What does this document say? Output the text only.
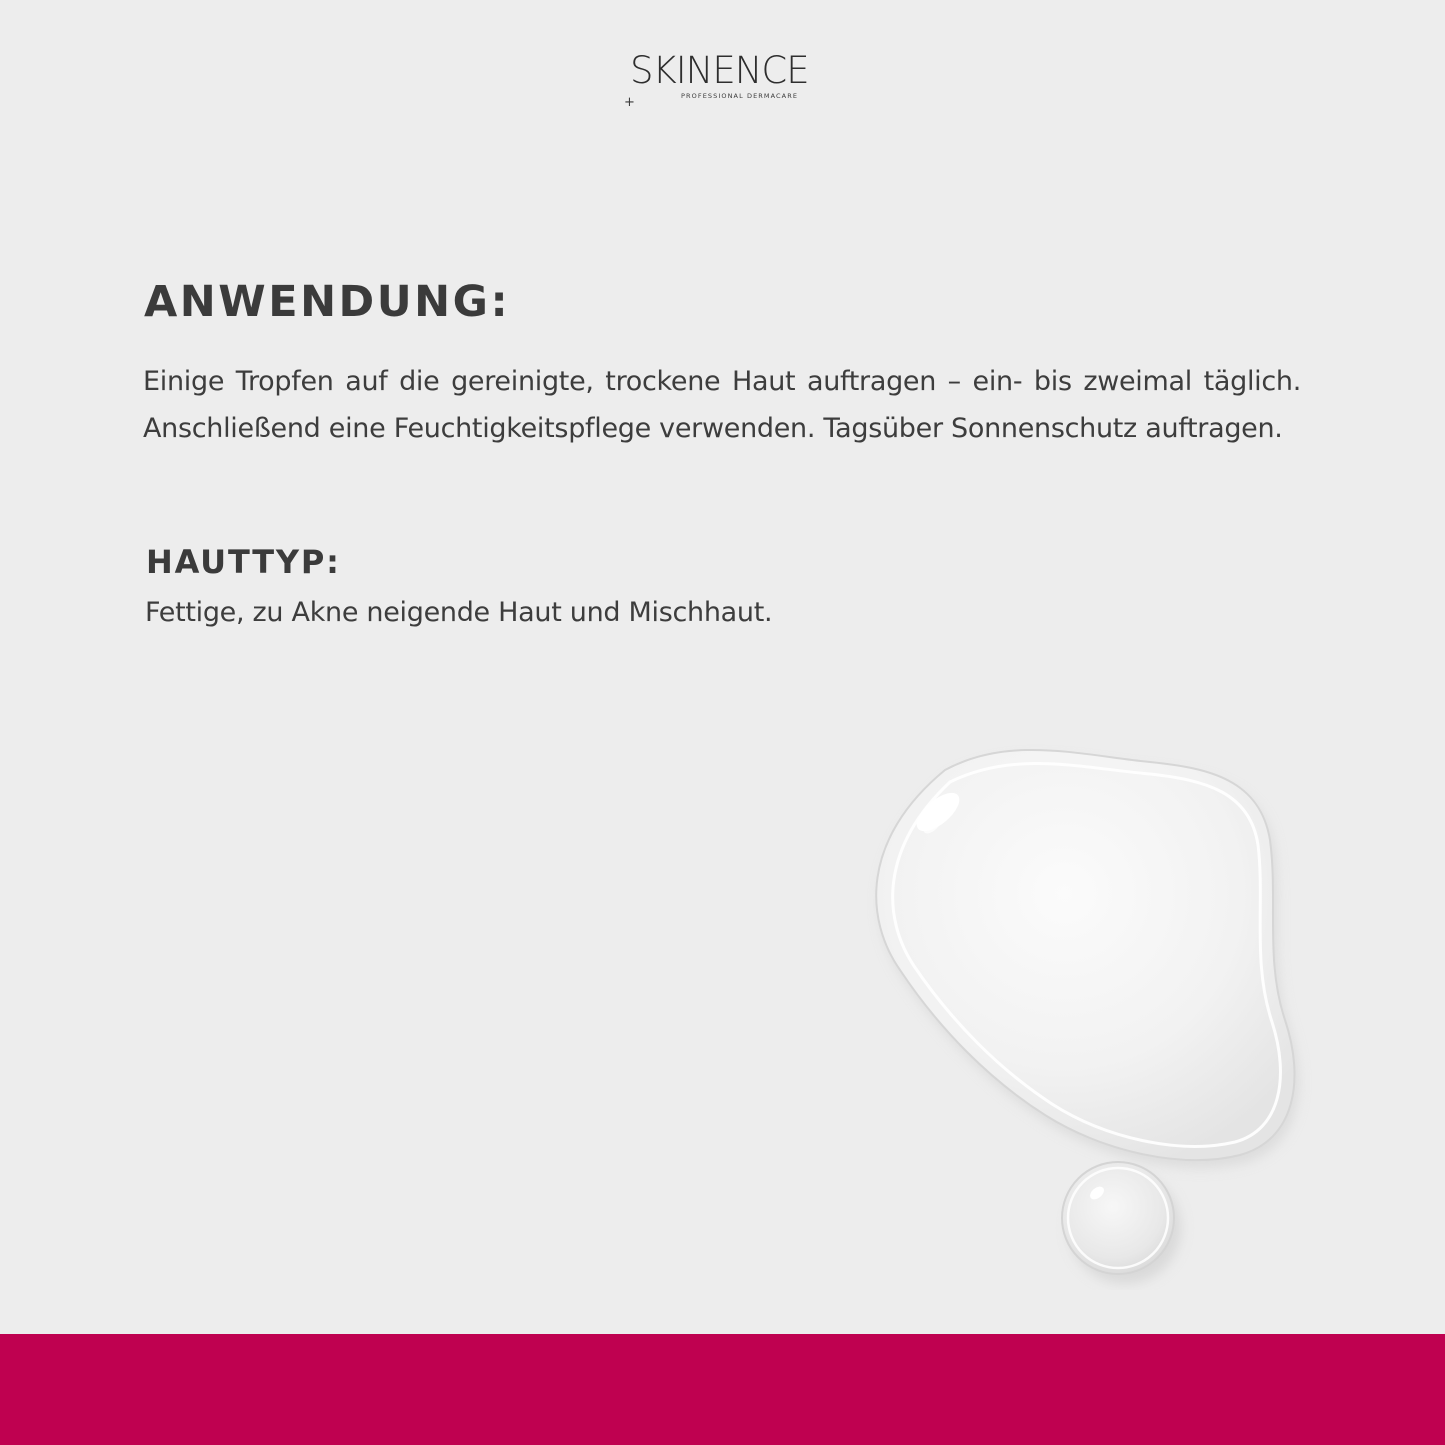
SKINENCE
PROFESSIONAL DERMACARE
+
ANWENDUNG:

Einige Tropfen auf die gereinigte, trockene Haut auftragen – ein- bis zweimal täglich. Anschließend eine Feuchtigkeitspflege verwenden. Tagsüber Sonnenschutz auftragen.

HAUTTYP:

Fettige, zu Akne neigende Haut und Mischhaut.
